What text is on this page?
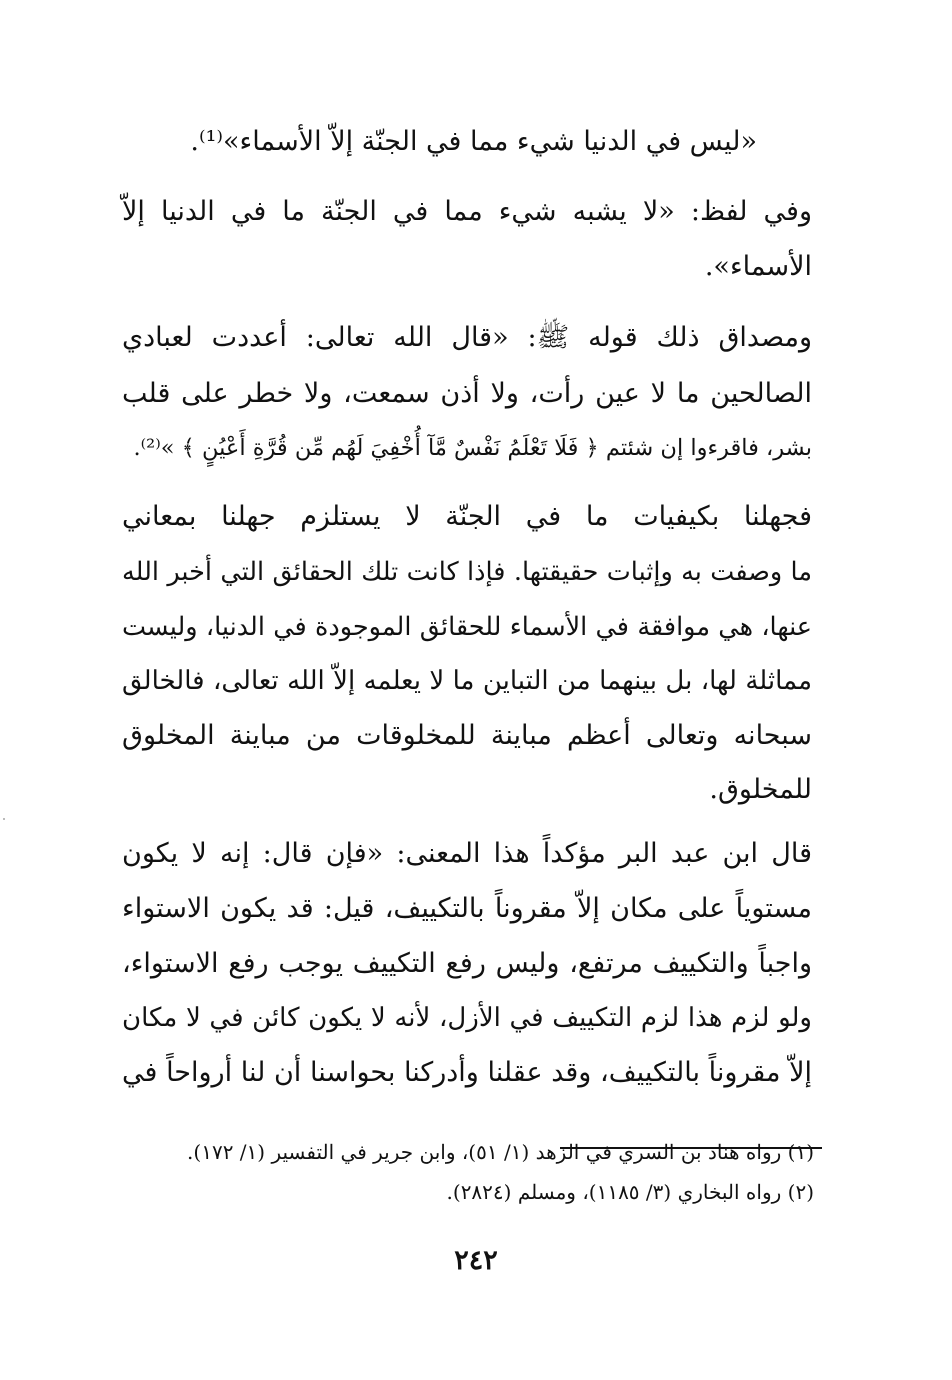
«ليس في الدنيا شيء مما في الجنّة إلاّ الأسماء»⁽¹⁾.
وفي لفظ: «لا يشبه شيء مما في الجنّة ما في الدنيا إلاّ
الأسماء».
ومصداق ذلك قوله ﷺ: «قال الله تعالى: أعددت لعبادي
الصالحين ما لا عين رأت، ولا أذن سمعت، ولا خطر على قلب
بشر، فاقرءوا إن شئتم ﴿ فَلَا تَعْلَمُ نَفْسٌ مَّآ أُخْفِيَ لَهُم مِّن قُرَّةِ أَعْيُنٍ ﴾ »⁽²⁾.
فجهلنا بكيفيات ما في الجنّة لا يستلزم جهلنا بمعاني
ما وصفت به وإثبات حقيقتها. فإذا كانت تلك الحقائق التي أخبر الله
عنها، هي موافقة في الأسماء للحقائق الموجودة في الدنيا، وليست
مماثلة لها، بل بينهما من التباين ما لا يعلمه إلاّ الله تعالى، فالخالق
سبحانه وتعالى أعظم مباينة للمخلوقات من مباينة المخلوق
للمخلوق.
قال ابن عبد البر مؤكداً هذا المعنى: «فإن قال: إنه لا يكون
مستوياً على مكان إلاّ مقروناً بالتكييف، قيل: قد يكون الاستواء
واجباً والتكييف مرتفع، وليس رفع التكييف يوجب رفع الاستواء،
ولو لزم هذا لزم التكييف في الأزل، لأنه لا يكون كائن في لا مكان
إلاّ مقروناً بالتكييف، وقد عقلنا وأدركنا بحواسنا أن لنا أرواحاً في
(١) رواه هناد بن السري في الزهد (١/ ٥١)، وابن جرير في التفسير (١/ ١٧٢).
(٢) رواه البخاري (٣/ ١١٨٥)، ومسلم (٢٨٢٤).
٢٤٢
